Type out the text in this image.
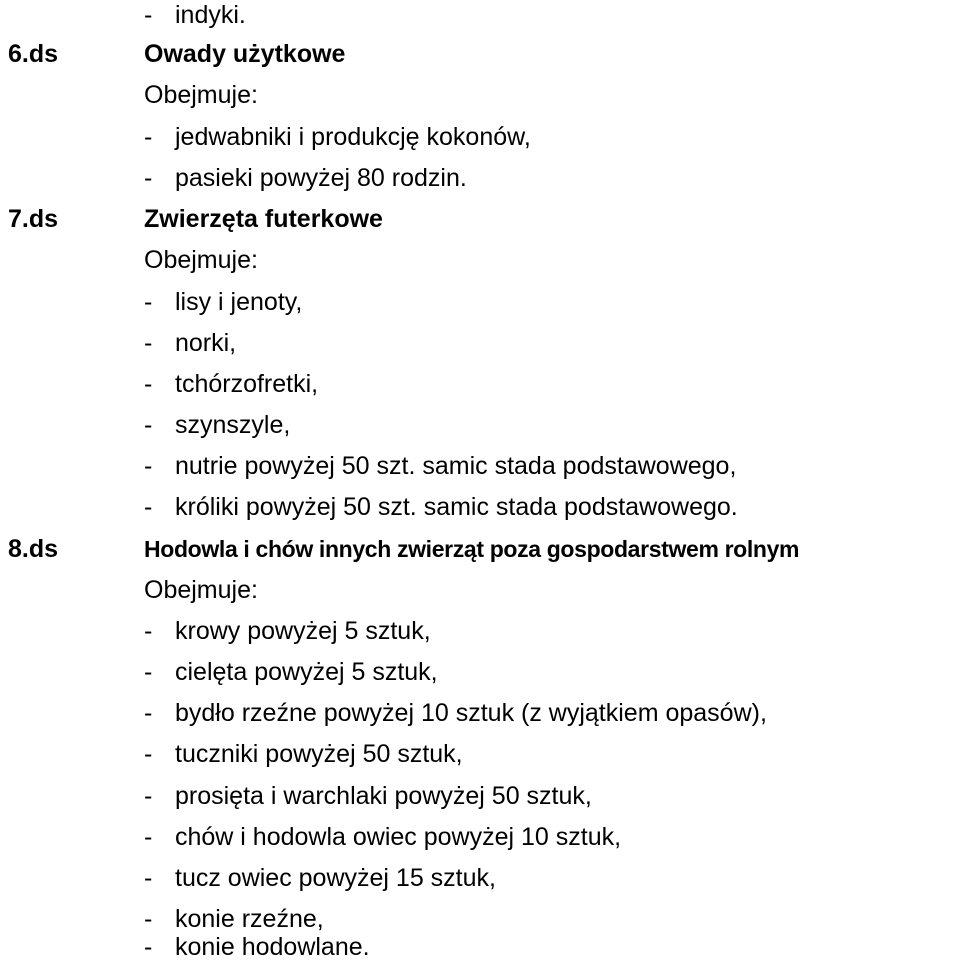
- indyki.
6.ds	Owady użytkowe
Obejmuje:
- jedwabniki i produkcję kokonów,
- pasieki powyżej 80 rodzin.
7.ds	Zwierzęta futerkowe
Obejmuje:
- lisy i jenoty,
- norki,
- tchórzofretki,
- szynszyle,
- nutrie powyżej 50 szt. samic stada podstawowego,
- króliki powyżej 50 szt. samic stada podstawowego.
8.ds	Hodowla i chów innych zwierząt poza gospodarstwem rolnym
Obejmuje:
- krowy powyżej 5 sztuk,
- cielęta powyżej 5 sztuk,
- bydło rzeźne powyżej 10 sztuk (z wyjątkiem opasów),
- tuczniki powyżej 50 sztuk,
- prosięta i warchlaki powyżej 50 sztuk,
- chów i hodowla owiec powyżej 10 sztuk,
- tucz owiec powyżej 15 sztuk,
- konie rzeźne,
- konie hodowlane.
